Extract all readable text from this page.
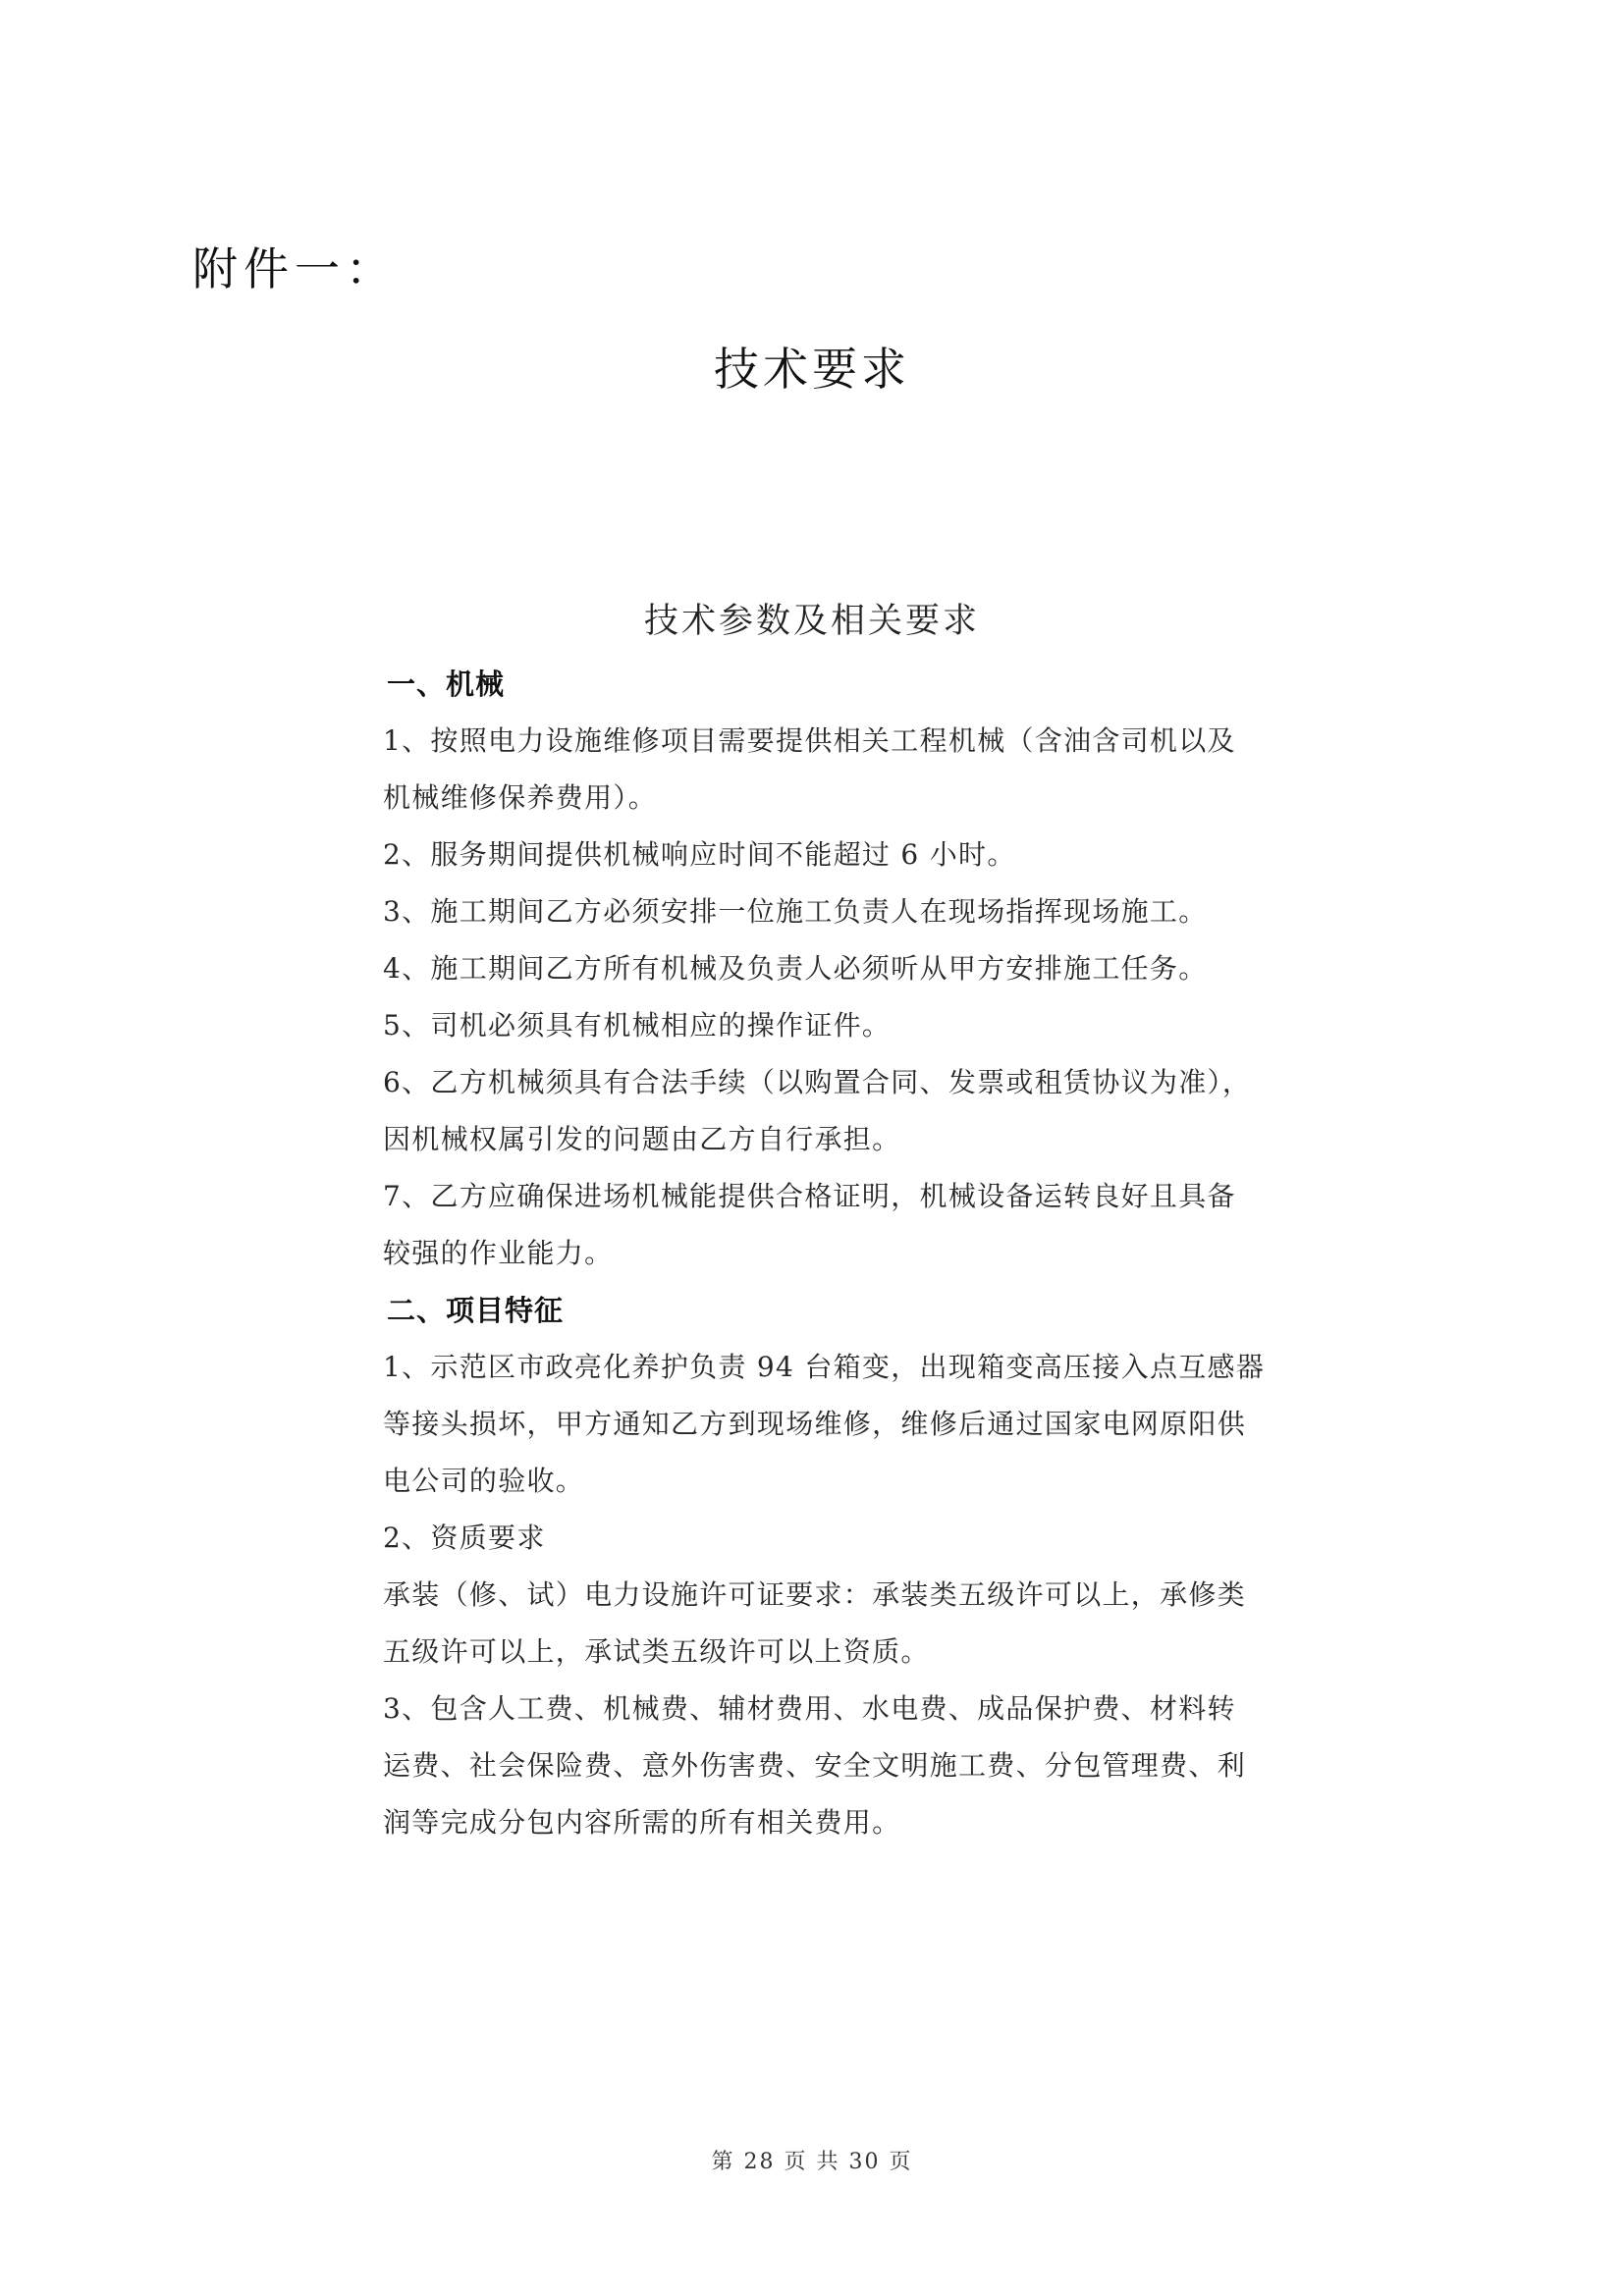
附件一：
技术要求
技术参数及相关要求
一、机械
1、按照电力设施维修项目需要提供相关工程机械（含油含司机以及
机械维修保养费用）。
2、服务期间提供机械响应时间不能超过 6 小时。
3、施工期间乙方必须安排一位施工负责人在现场指挥现场施工。
4、施工期间乙方所有机械及负责人必须听从甲方安排施工任务。
5、司机必须具有机械相应的操作证件。
6、乙方机械须具有合法手续（以购置合同、发票或租赁协议为准），
因机械权属引发的问题由乙方自行承担。
7、乙方应确保进场机械能提供合格证明，机械设备运转良好且具备
较强的作业能力。
二、项目特征
1、示范区市政亮化养护负责 94 台箱变，出现箱变高压接入点互感器
等接头损坏，甲方通知乙方到现场维修，维修后通过国家电网原阳供
电公司的验收。
2、资质要求
承装（修、试）电力设施许可证要求：承装类五级许可以上，承修类
五级许可以上，承试类五级许可以上资质。
3、包含人工费、机械费、辅材费用、水电费、成品保护费、材料转
运费、社会保险费、意外伤害费、安全文明施工费、分包管理费、利
润等完成分包内容所需的所有相关费用。
第 28 页 共 30 页
